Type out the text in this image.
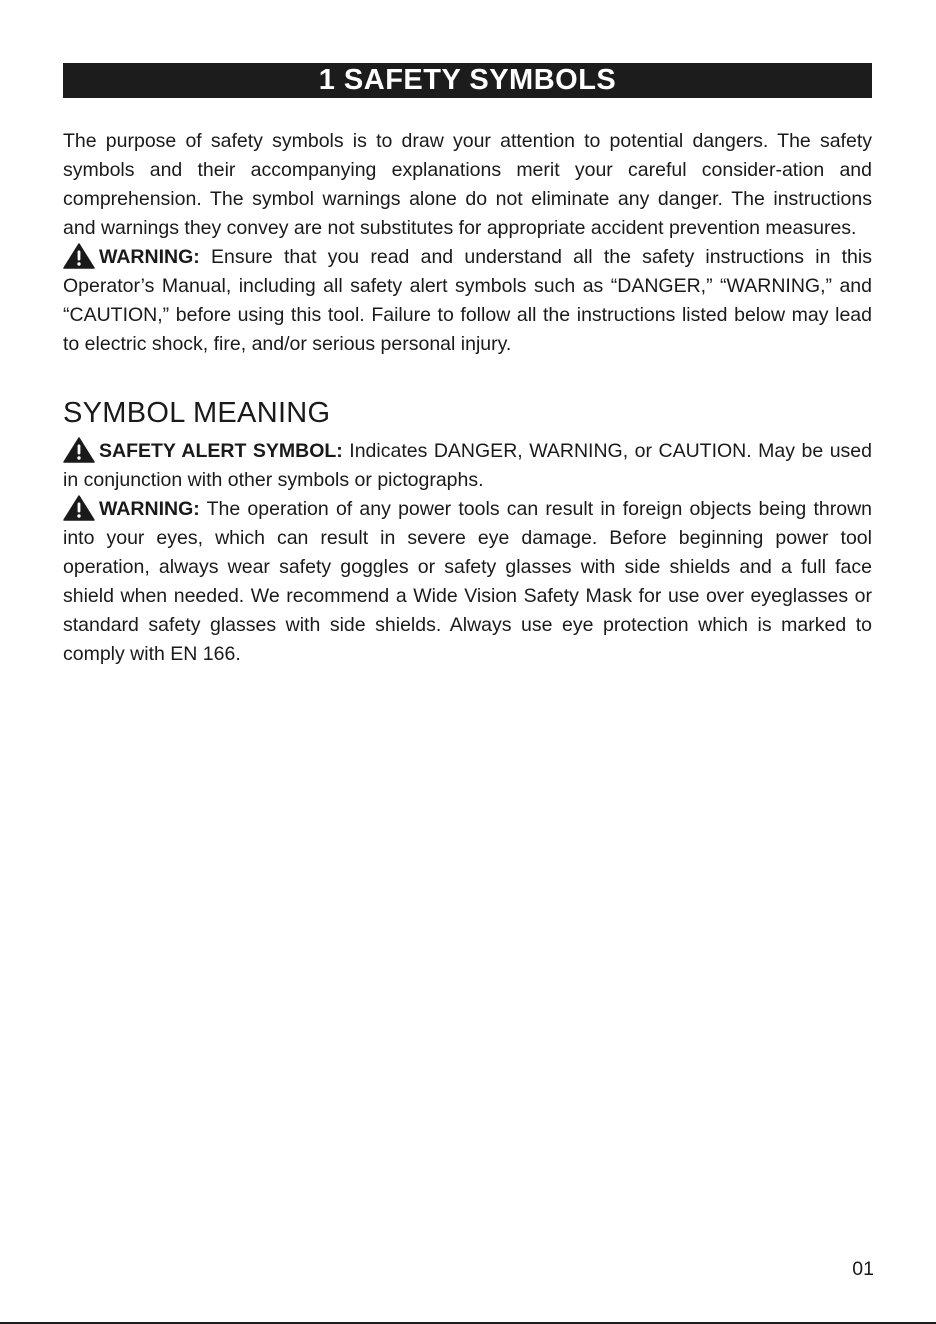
1 SAFETY SYMBOLS

The purpose of safety symbols is to draw your attention to potential dangers. The safety symbols and their accompanying explanations merit your careful consider-ation and comprehension. The symbol warnings alone do not eliminate any danger. The instructions and warnings they convey are not substitutes for appropriate accident prevention measures.

WARNING: Ensure that you read and understand all the safety instructions in this Operator’s Manual, including all safety alert symbols such as “DANGER,” “WARNING,” and “CAUTION,” before using this tool. Failure to follow all the instructions listed below may lead to electric shock, fire, and/or serious personal injury.

SYMBOL MEANING

SAFETY ALERT SYMBOL: Indicates DANGER, WARNING, or CAUTION. May be used in conjunction with other symbols or pictographs.

WARNING: The operation of any power tools can result in foreign objects being thrown into your eyes, which can result in severe eye damage. Before beginning power tool operation, always wear safety goggles or safety glasses with side shields and a full face shield when needed. We recommend a Wide Vision Safety Mask for use over eyeglasses or standard safety glasses with side shields. Always use eye protection which is marked to comply with EN 166.

01
